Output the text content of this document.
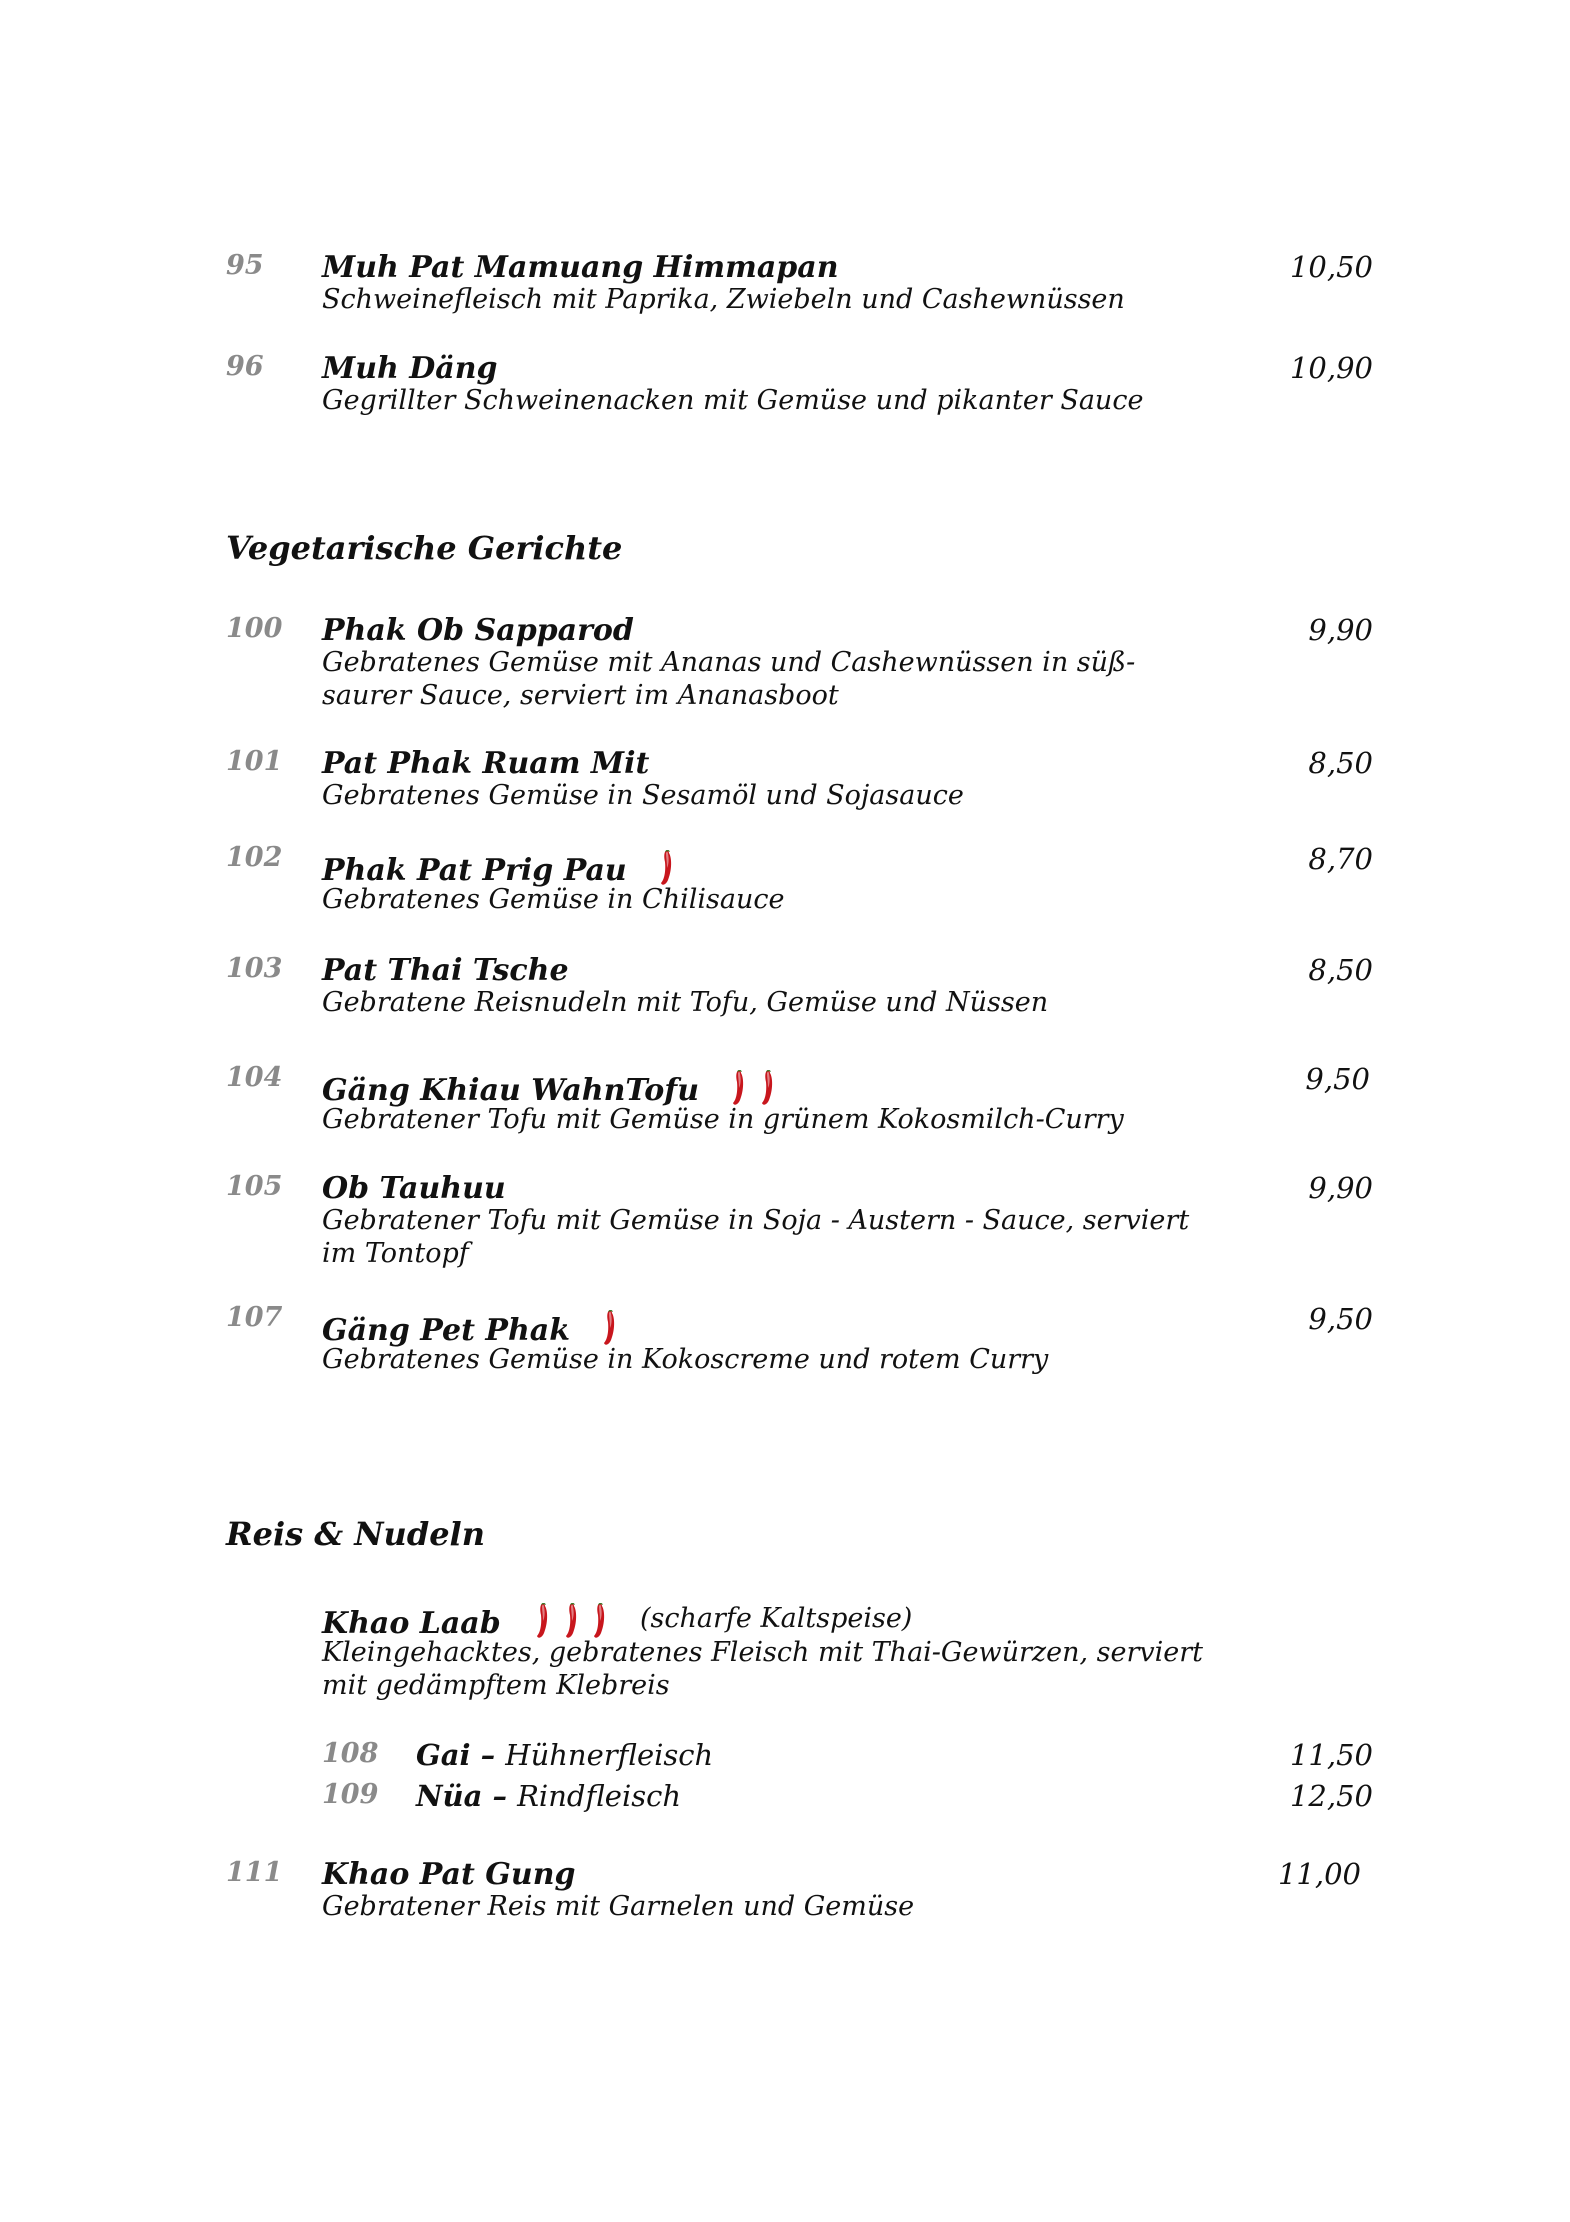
95 Muh Pat Mamuang Himmapan	10,50
Schweinefleisch mit Paprika, Zwiebeln und Cashewnüssen
96 Muh Däng	10,90
Gegrillter Schweinenacken mit Gemüse und pikanter Sauce
Vegetarische Gerichte
100 Phak Ob Sapparod	9,90
Gebratenes Gemüse mit Ananas und Cashewnüssen in süß-saurer Sauce, serviert im Ananasboot
101 Pat Phak Ruam Mit	8,50
Gebratenes Gemüse in Sesamöl und Sojasauce
102 Phak Pat Prig Pau	8,70
Gebratenes Gemüse in Chilisauce
103 Pat Thai Tsche	8,50
Gebratene Reisnudeln mit Tofu, Gemüse und Nüssen
104 Gäng Khiau WahnTofu	9,50
Gebratener Tofu mit Gemüse in grünem Kokosmilch-Curry
105 Ob Tauhuu	9,90
Gebratener Tofu mit Gemüse in Soja - Austern - Sauce, serviert im Tontopf
107 Gäng Pet Phak	9,50
Gebratenes Gemüse in Kokoscreme und rotem Curry
Reis & Nudeln
Khao Laab	(scharfe Kaltspeise)
Kleingehacktes, gebratenes Fleisch mit Thai-Gewürzen, serviert mit gedämpftem Klebreis
108 Gai – Hühnerfleisch	11,50
109 Nüa – Rindfleisch	12,50
111 Khao Pat Gung	11,00
Gebratener Reis mit Garnelen und Gemüse
